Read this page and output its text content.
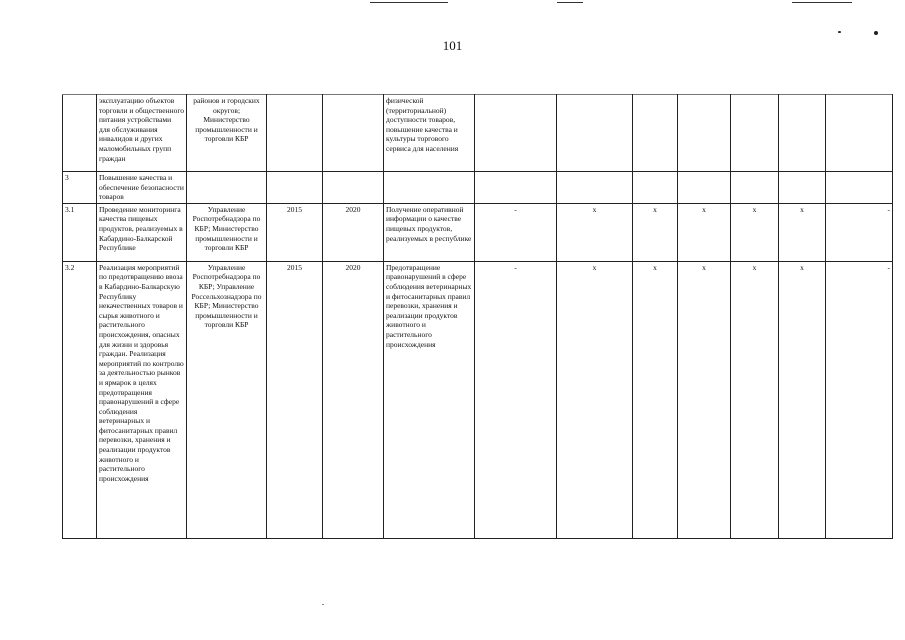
101
	эксплуатацию объектов торговли и общественного питания устройствами для обслуживания инвалидов и других маломобильных групп граждан	районов и городских округов; Министерство промышленности и торговли КБР			физической (территориальной) доступности товаров, повышение качества и культуры торгового сервиса для населения							
3	Повышение качества и обеспечение безопасности товаров											
3.1	Проведение мониторинга качества пищевых продуктов, реализуемых в Кабардино-Балкарской Республике	Управление Роспотребнадзора по КБР; Министерство промышленности и торговли КБР	2015	2020	Получение оперативной информации о качестве пищевых продуктов, реализуемых в республике	-	x	x	x	x	x	-
3.2	Реализация мероприятий по предотвращению ввоза в Кабардино-Балкарскую Республику некачественных товаров и сырья животного и растительного происхождения, опасных для жизни и здоровья граждан. Реализация мероприятий по контролю за деятельностью рынков и ярмарок в целях предотвращения правонарушений в сфере соблюдения ветеринарных и фитосанитарных правил перевозки, хранения и реализации продуктов животного и растительного происхождения	Управление Роспотребнадзора по КБР; Управление Россельхознадзора по КБР; Министерство промышленности и торговли КБР	2015	2020	Предотвращение правонарушений в сфере соблюдения ветеринарных и фитосанитарных правил перевозки, хранения и реализации продуктов животного и растительного происхождения	-	x	x	x	x	x	-
